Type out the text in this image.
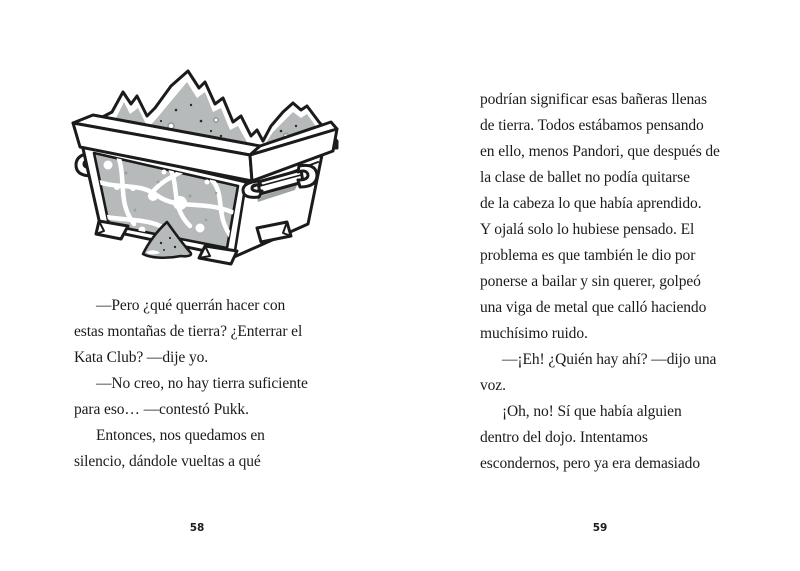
—Pero ¿qué querrán hacer con
estas montañas de tierra? ¿Enterrar el
Kata Club? —dije yo.
—No creo, no hay tierra suficiente
para eso… —contestó Pukk.
Entonces, nos quedamos en
silencio, dándole vueltas a qué
podrían significar esas bañeras llenas
de tierra. Todos estábamos pensando
en ello, menos Pandori, que después de
la clase de ballet no podía quitarse
de la cabeza lo que había aprendido.
Y ojalá solo lo hubiese pensado. El
problema es que también le dio por
ponerse a bailar y sin querer, golpeó
una viga de metal que calló haciendo
muchísimo ruido.
—¡Eh! ¿Quién hay ahí? —dijo una
voz.
¡Oh, no! Sí que había alguien
dentro del dojo. Intentamos
escondernos, pero ya era demasiado
58	59
